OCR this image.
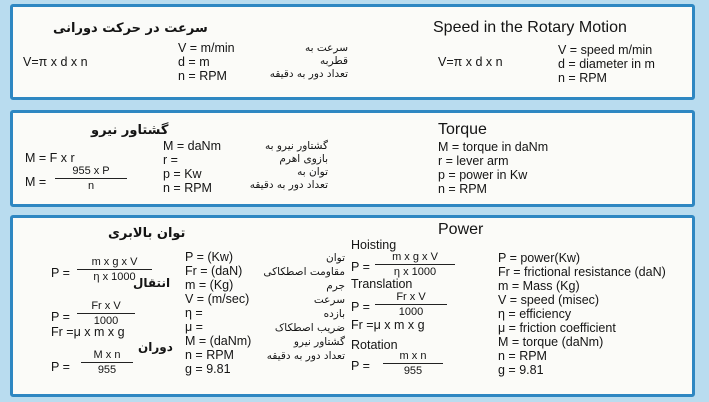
Speed in the Rotary Motion
سرعت در حرکت دورانی
V=π x d x n
V = m/min
d = m
n = RPM
سرعت به
قطربه
تعداد دور به دقیقه
V=π x d x n
V = speed m/min
d = diameter in m
n = RPM
Torque
گشتاور نیرو
M = F x r
$M = \frac{\text{955 x P}}{n}$
M = daNm
r =
p = Kw
n = RPM
گشتاور نیرو به
بازوی اهرم
توان به
تعداد دور به دقیقه
M = torque in daNm
r = lever arm
p = power in Kw
n = RPM
Power
توان بالابری
$P = \frac{\text{m x g x V}}{\text{η x 1000}}$
انتقال
$P = \frac{\text{Fr x V}}{1000}$
Fr =μ x m x g
دوران
$P = \frac{\text{M x n}}{955}$
P = (Kw)
Fr = (daN)
m = (Kg)
V = (m/sec)
η =
μ =
M = (daNm)
n = RPM
g = 9.81
توان
مقاومت اصطکاکی
جرم
سرعت
بازده
ضریب اصطکاک
گشتاور نیرو
تعداد دور به دقیقه
Hoisting
$P = \frac{\text{m x g x V}}{\text{η x 1000}}$
Translation
$P = \frac{\text{Fr x V}}{1000}$
Fr =μ x m x g
Rotation
$P = \frac{\text{m x n}}{955}$
P = power(Kw)
Fr = frictional resistance (daN)
m = Mass (Kg)
V = speed (misec)
η = efficiency
μ = friction coefficient
M = torque (daNm)
n = RPM
g = 9.81
